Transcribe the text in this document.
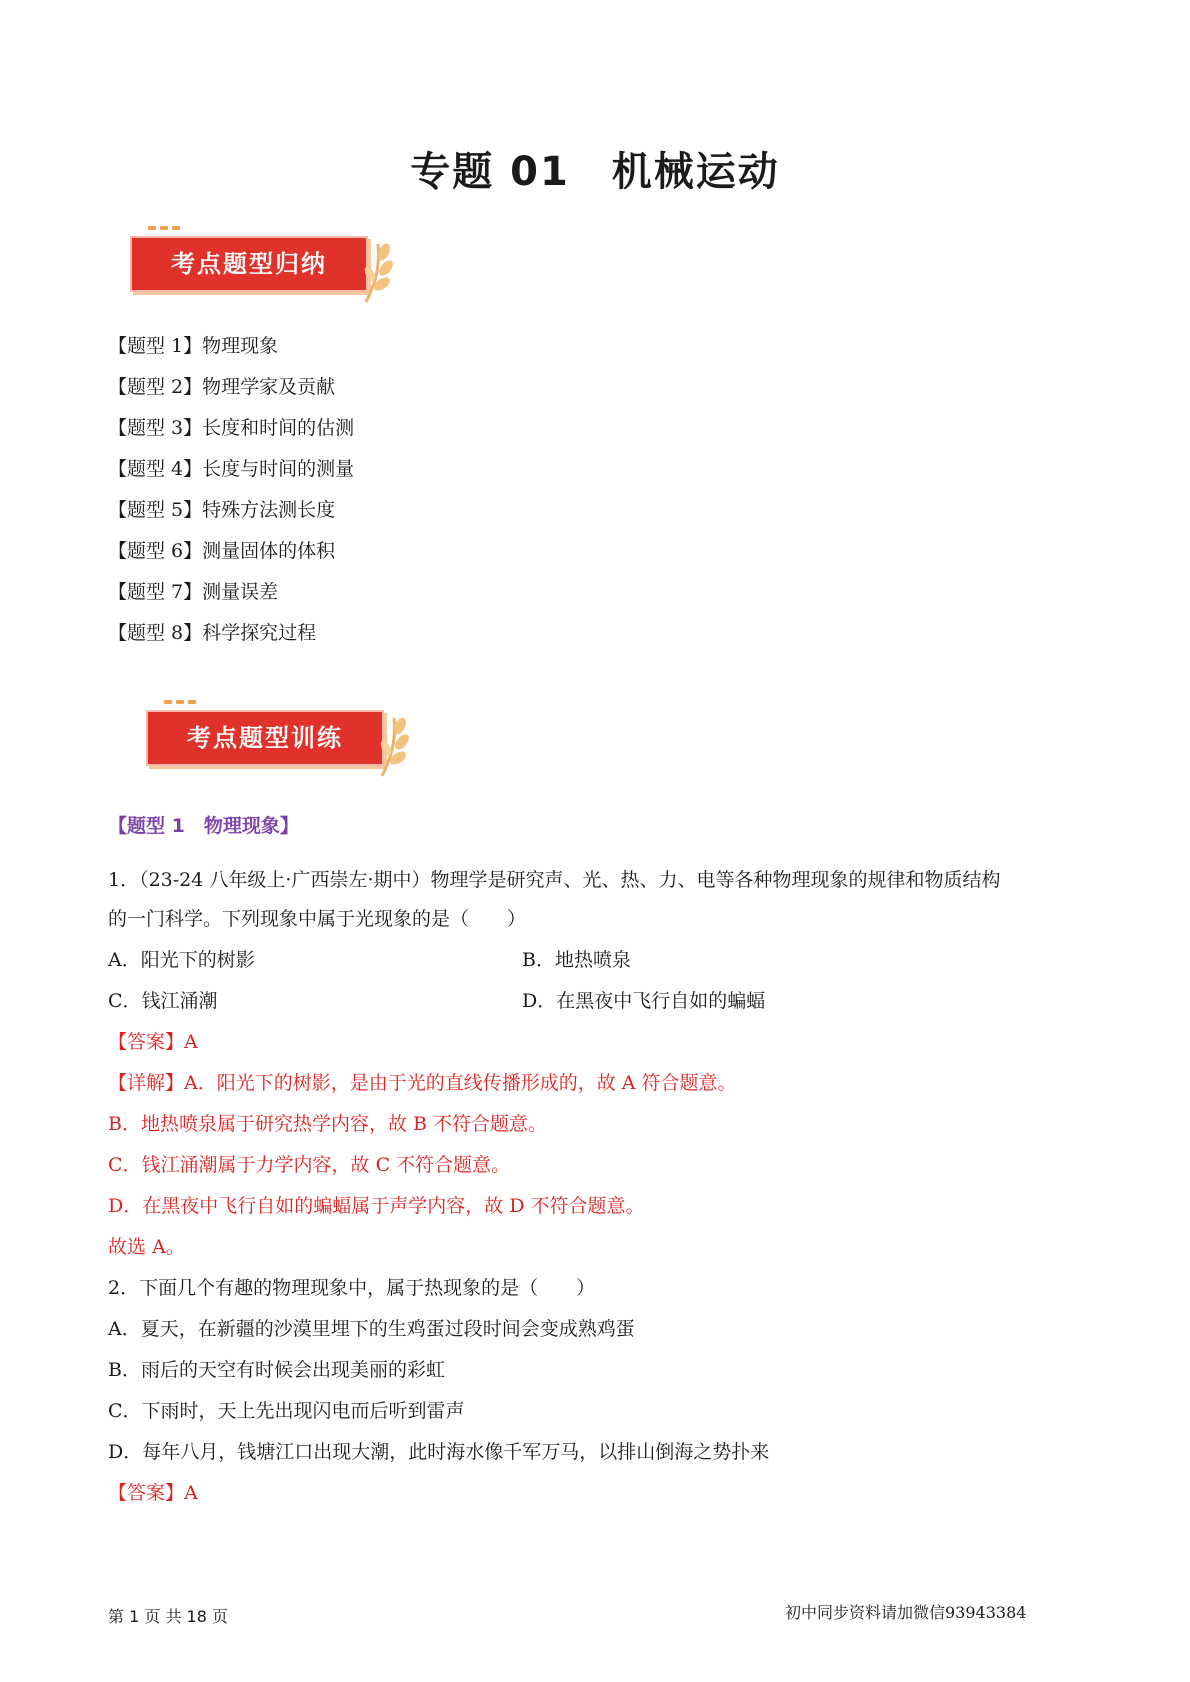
专题 01　机械运动
考点题型归纳
【题型 1】物理现象
【题型 2】物理学家及贡献
【题型 3】长度和时间的估测
【题型 4】长度与时间的测量
【题型 5】特殊方法测长度
【题型 6】测量固体的体积
【题型 7】测量误差
【题型 8】科学探究过程
考点题型训练
【题型 1　物理现象】
1．（23-24 八年级上·广西崇左·期中）物理学是研究声、光、热、力、电等各种物理现象的规律和物质结构
的一门科学。下列现象中属于光现象的是（　　）
A．阳光下的树影	B．地热喷泉
C．钱江涌潮	D．在黑夜中飞行自如的蝙蝠
【答案】A
【详解】A．阳光下的树影，是由于光的直线传播形成的，故 A 符合题意。
B．地热喷泉属于研究热学内容，故 B 不符合题意。
C．钱江涌潮属于力学内容，故 C 不符合题意。
D．在黑夜中飞行自如的蝙蝠属于声学内容，故 D 不符合题意。
故选 A。
2．下面几个有趣的物理现象中，属于热现象的是（　　）
A．夏天，在新疆的沙漠里埋下的生鸡蛋过段时间会变成熟鸡蛋
B．雨后的天空有时候会出现美丽的彩虹
C．下雨时，天上先出现闪电而后听到雷声
D．每年八月，钱塘江口出现大潮，此时海水像千军万马，以排山倒海之势扑来
【答案】A
第 1 页 共 18 页	初中同步资料请加微信93943384
